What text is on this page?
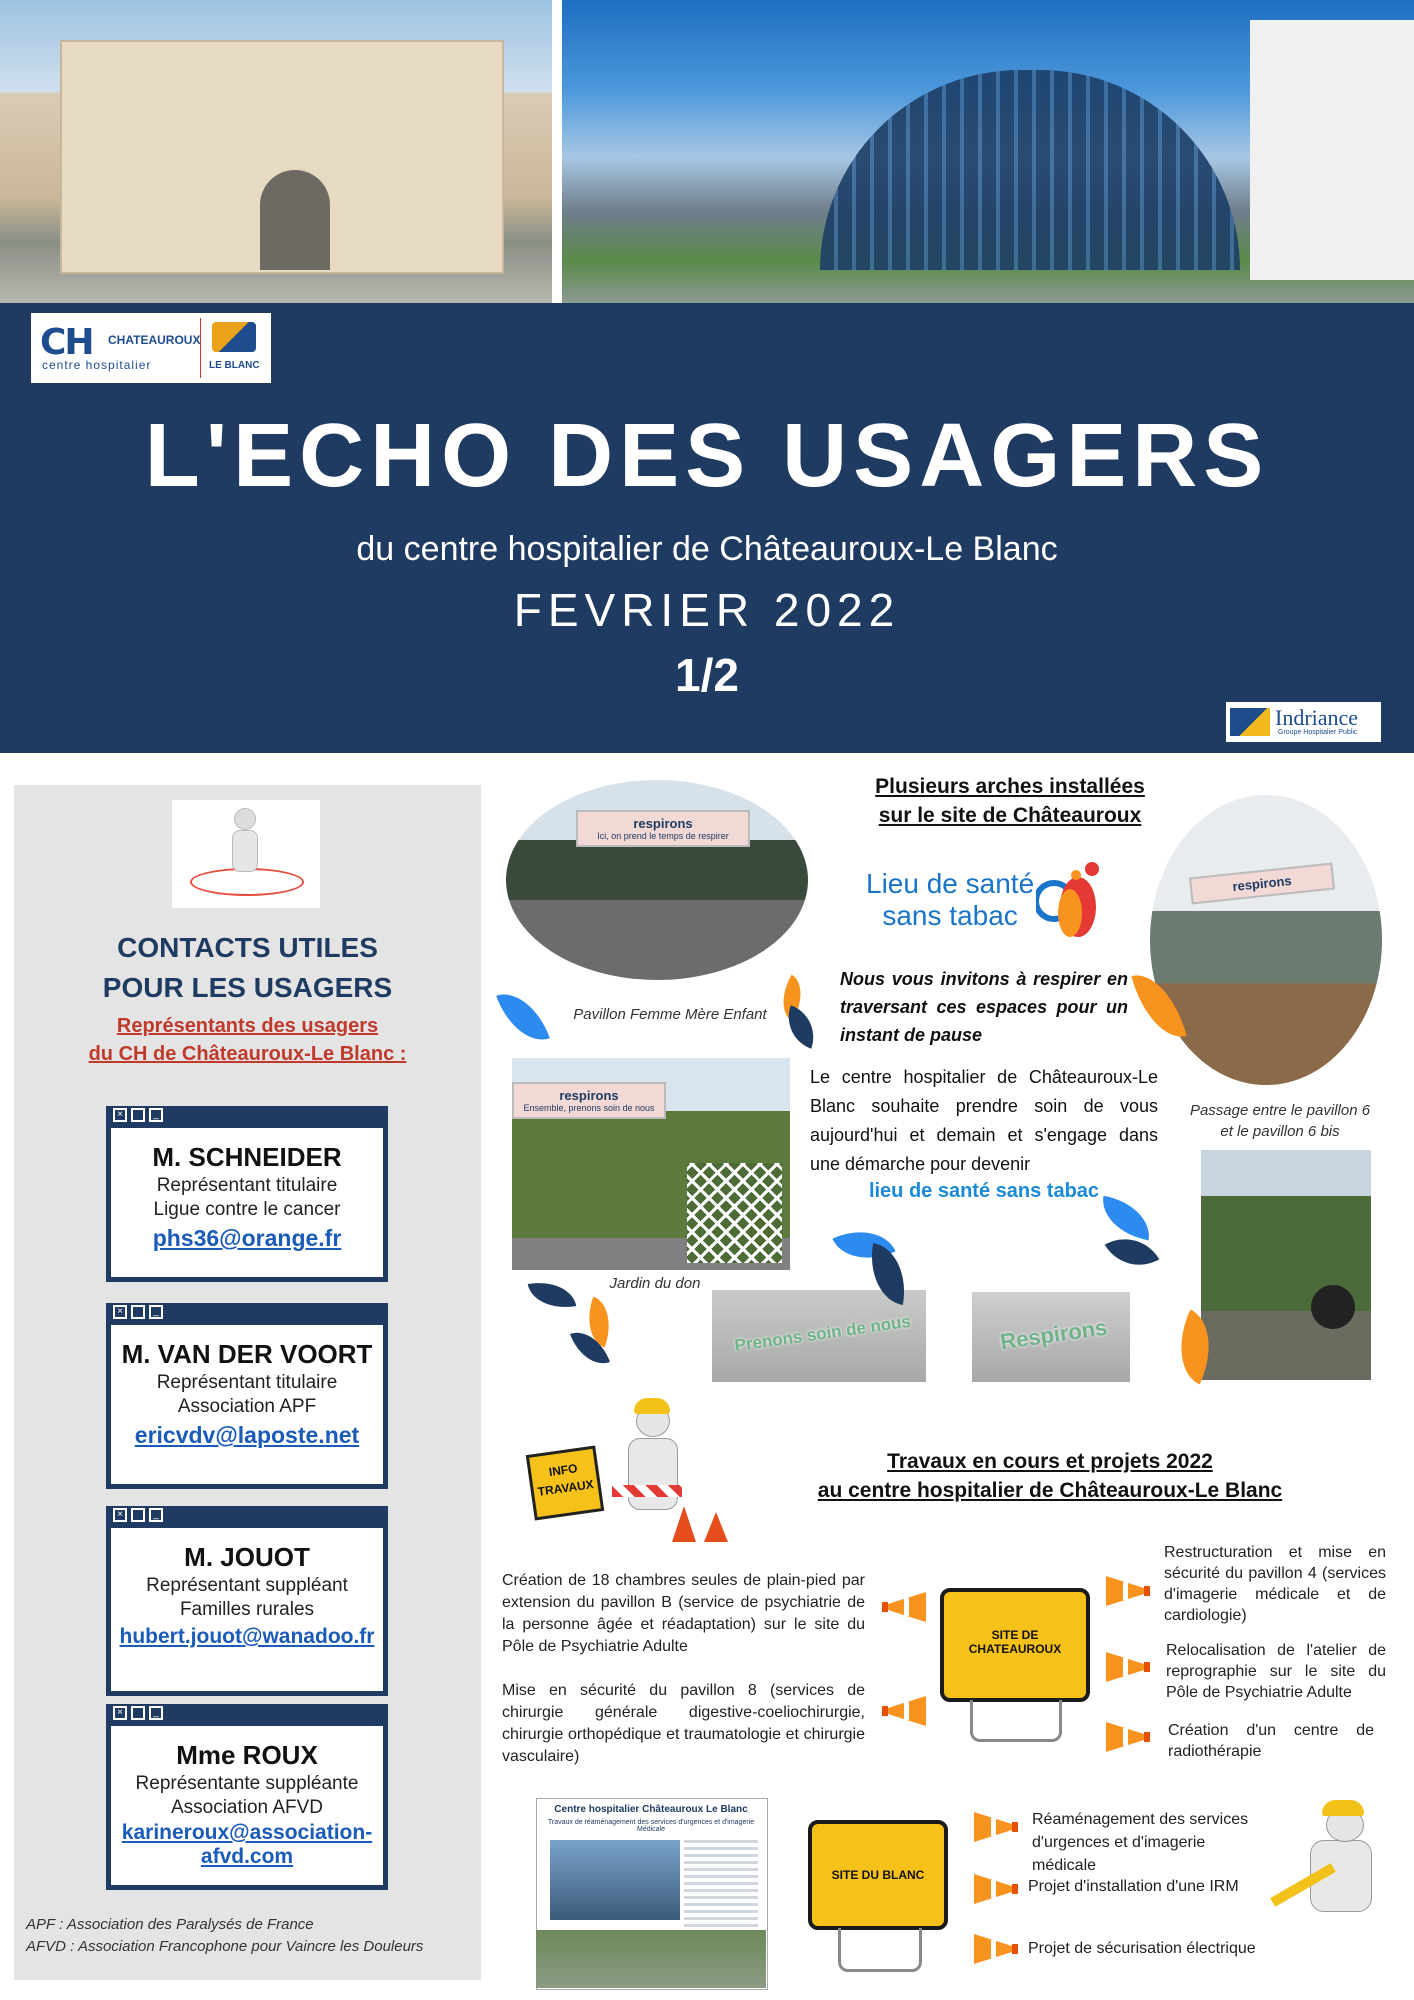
CH CHATEAUROUX
centre hospitalier	LE BLANC
L'ECHO DES USAGERS
du centre hospitalier de Châteauroux-Le Blanc
FEVRIER 2022
1/2
Indriance
Groupe Hospitalier Public
CONTACTS UTILES
POUR LES USAGERS
Représentants des usagers
du CH de Châteauroux-Le Blanc :
×	_
M. SCHNEIDER
Représentant titulaire
Ligue contre le cancer
phs36@orange.fr
×	_
M. VAN DER VOORT
Représentant titulaire
Association APF
ericvdv@laposte.net
×	_
M. JOUOT
Représentant suppléant
Familles rurales
hubert.jouot@wanadoo.fr
×	_
Mme ROUX
Représentante suppléante
Association AFVD
karineroux@association-
afvd.com
APF : Association des Paralysés de France
AFVD : Association Francophone pour Vaincre les Douleurs
Plusieurs arches installées
sur le site de Châteauroux
respirons
Ici, on prend le temps de respirer
Pavillon Femme Mère Enfant
Lieu de santé
sans tabac
respirons
Passage entre le pavillon 6
et le pavillon 6 bis
Nous vous invitons à respirer en traversant ces espaces pour un instant de pause
respirons
Ensemble, prenons soin de nous
Jardin du don
Le centre hospitalier de Châteauroux-Le Blanc souhaite prendre soin de vous aujourd'hui et demain et s'engage dans une démarche pour devenir
lieu de santé sans tabac
Prenons soin de nous	Respirons
INFO
TRAVAUX
Travaux en cours et projets 2022
au centre hospitalier de Châteauroux-Le Blanc
Création de 18 chambres seules de plain-pied par extension du pavillon B (service de psychiatrie de la personne âgée et réadaptation) sur le site du Pôle de Psychiatrie Adulte
Mise en sécurité du pavillon 8 (services de chirurgie générale digestive-coeliochirurgie, chirurgie orthopédique et traumatologie et chirurgie vasculaire)
SITE DE
CHATEAUROUX
Restructuration et mise en sécurité du pavillon 4 (services d'imagerie médicale et de cardiologie)
Relocalisation de l'atelier de reprographie sur le site du Pôle de Psychiatrie Adulte
Création d'un centre de radiothérapie
Centre hospitalier Châteauroux Le Blanc
Travaux de réaménagement des services d'urgences et d'imagerie Médicale
SITE DU BLANC
Réaménagement des services d'urgences et d'imagerie médicale
Projet d'installation d'une IRM
Projet de sécurisation électrique
